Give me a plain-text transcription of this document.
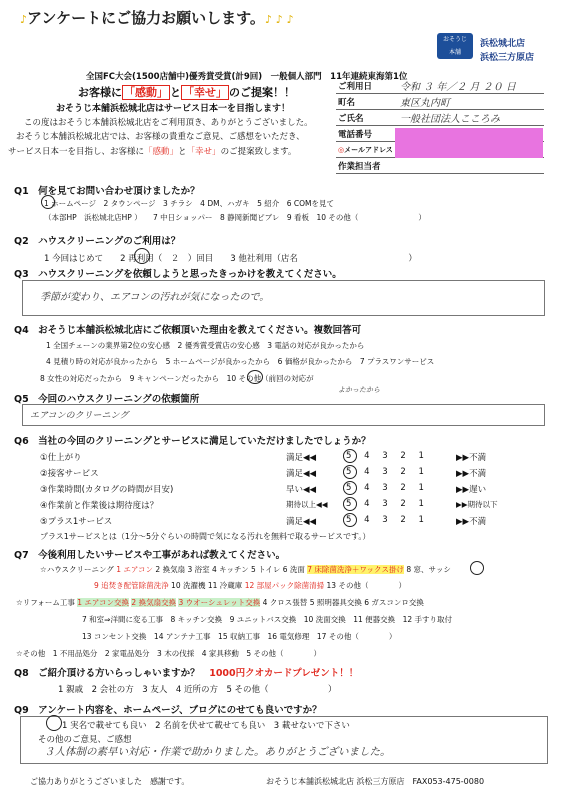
♪アンケートにご協力お願いします。♪ ♪ ♪
おそうじ
本舗
浜松城北店
浜松三方原店
全国FC大会(1500店舗中)優秀賞受賞(計9回)　一般個人部門　11年連続東海第1位
お客様に 「感動」 と 「幸せ」 のご提案！！
おそうじ本舗浜松城北店はサービス日本一を目指します！
この度はおそうじ本舗浜松城北店をご利用頂き、ありがとうございました。
おそうじ本舗浜松城北店では、お客様の貴重なご意見、ご感想をいただき、
サービス日本一を目指し、お客様に「感動」と「幸せ」のご提案致します。
ご利用日	令和 ３ 年／２ 月 ２０ 日
町名	東区丸内町
ご氏名	一般社団法人こころみ
電話番号	
◎メールアドレス	
作業担当者	
Q1　何を見てお問い合わせ頂けましたか？
1 ホームページ　2 タウンページ　3 チラシ　4 DM、ハガキ　5 紹介　6 COMを見て
（本部HP　浜松城北店HP ）　　7 中日ショッパー　8 静岡新聞ピブレ　9 看板　10 その他（　　　　　　　　）
Q2　ハウスクリーニングのご利用は？
1 今回はじめて　　2 再利用（　２　）回目　　3 他社利用（店名　　　　　　　　　　　　　）
Q3　ハウスクリーニングを依頼しようと思ったきっかけを教えてください。
季節が変わり、エアコンの汚れが気になったので。
Q4　おそうじ本舗浜松城北店にご依頼頂いた理由を教えてください。複数回答可
1 全国チェーンの業界第2位の安心感　2 優秀賞受賞店の安心感　3 電話の対応が良かったから
4 見積り時の対応が良かったから　5 ホームページが良かったから　6 価格が良かったから　7 プラスワンサービス
8 女性の対応だったから　9 キャンペーンだったから　10 その他（前回の対応が
よかったから
Q5　今回のハウスクリーニングの依頼箇所
エアコンのクリーニング
Q6　当社の今回のクリーニングとサービスに満足していただけましたでしょうか？
①仕上がり	満足◀◀	5 4 3 2 1	▶▶不満
②接客サービス	満足◀◀	5 4 3 2 1	▶▶不満
③作業時間(カタログの時間が目安)	早い◀◀	5 4 3 2 1	▶▶遅い
④作業前と作業後は期待度は？	期待以上◀◀ 5 4 3 2 1	▶▶期待以下
⑤プラス1サービス	満足◀◀	5 4 3 2 1	▶▶不満
プラス1サービスとは（1分～5分ぐらいの時間で気になる汚れを無料で取るサービスです。）
Q7　今後利用したいサービスや工事があれば教えてください。
☆ハウスクリーニング 1 エアコン 2 換気扇 3 浴室 4 キッチン 5 トイレ 6 洗面 7 床除菌洗浄＋ワックス掛け 8 窓、サッシ
9 追焚き配管除菌洗浄 10 洗濯機 11 冷蔵庫 12 部屋パック除菌清掃 13 その他（　　　　）
☆リフォーム工事 1 エアコン交換 2 換気扇交換 3 ウオーシュレット交換 4 クロス張替 5 照明器具交換 6 ガスコンロ交換
7 和室⇒洋間に変る工事　8 キッチン交換　9 ユニットバス交換　10 洗面交換　11 便器交換　12 手すり取付
13 コンセント交換　14 アンテナ工事　15 収納工事　16 電気修理　17 その他（　　　　）
☆その他　 1 不用品処分　2 家電品処分　3 木の伐採　4 家具移動　5 その他（　　　　）
Q8　ご紹介頂ける方いらっしゃいますか？　 1000円クオカードプレゼント！！
1 親戚　2 会社の方　3 友人　4 近所の方　5 その他（　　　　　　　）
Q9　アンケート内容を、ホームページ、ブログにのせても良いですか？
1 実名で載せても良い　2 名前を伏せて載せても良い　3 載せないで下さい
その他のご意見、ご感想
３人体制の素早い対応・作業で助かりました。ありがとうございました。
ご協力ありがとうございました　感謝です。	おそうじ本舗浜松城北店 浜松三方原店　FAX053-475-0080
